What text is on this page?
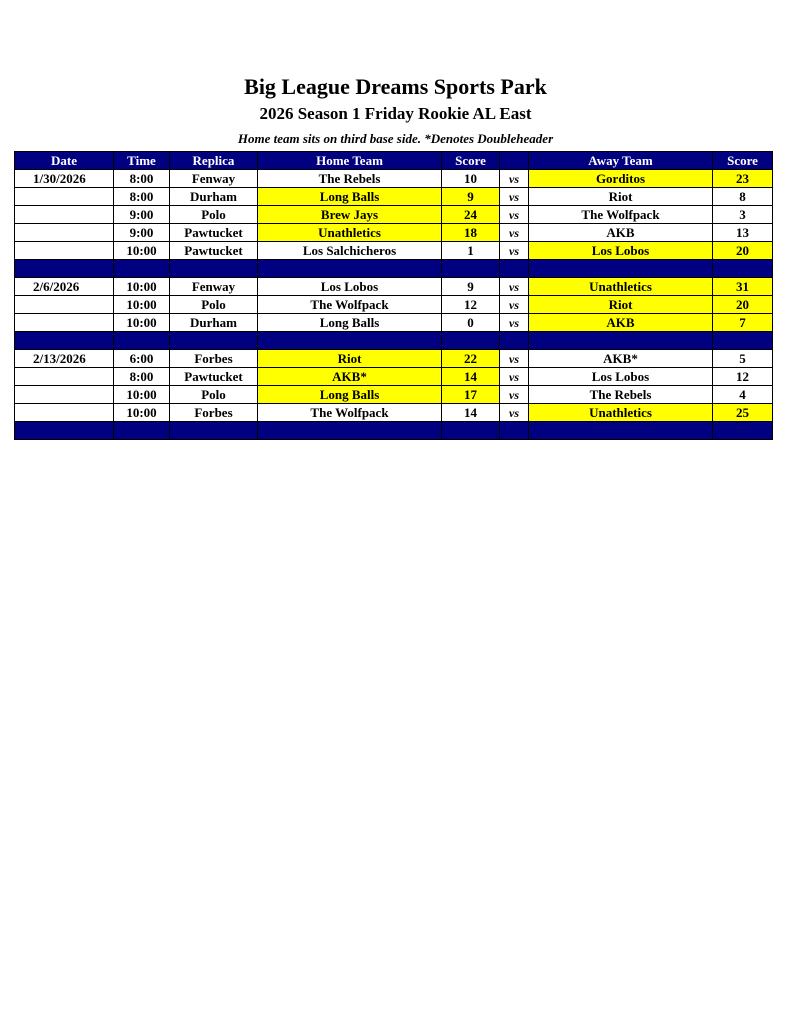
Big League Dreams Sports Park
2026 Season 1 Friday Rookie AL East
Home team sits on third base side. *Denotes Doubleheader
Date	Time	Replica	Home Team	Score		Away Team	Score
1/30/2026	8:00	Fenway	The Rebels	10	vs	Gorditos	23
	8:00	Durham	Long Balls	9	vs	Riot	8
	9:00	Polo	Brew Jays	24	vs	The Wolfpack	3
	9:00	Pawtucket	Unathletics	18	vs	AKB	13
	10:00	Pawtucket	Los Salchicheros	1	vs	Los Lobos	20

2/6/2026	10:00	Fenway	Los Lobos	9	vs	Unathletics	31
	10:00	Polo	The Wolfpack	12	vs	Riot	20
	10:00	Durham	Long Balls	0	vs	AKB	7

2/13/2026	6:00	Forbes	Riot	22	vs	AKB*	5
	8:00	Pawtucket	AKB*	14	vs	Los Lobos	12
	10:00	Polo	Long Balls	17	vs	The Rebels	4
	10:00	Forbes	The Wolfpack	14	vs	Unathletics	25
